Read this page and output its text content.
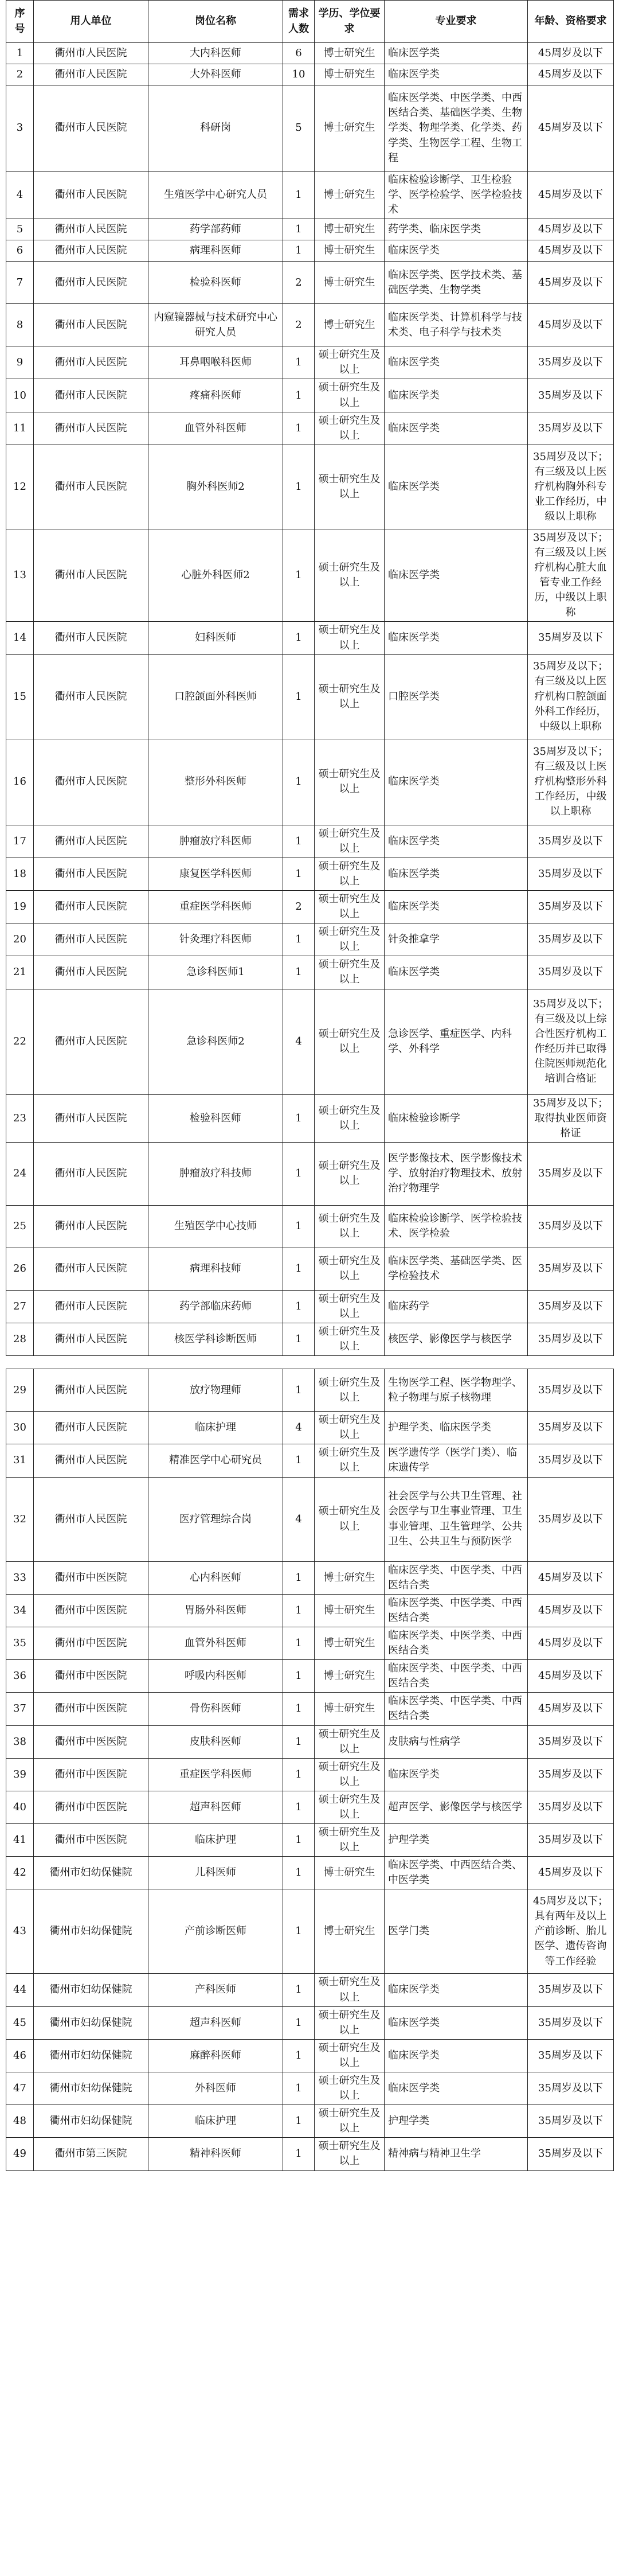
序号	用人单位	岗位名称	需求人数	学历、学位要求	专业要求	年龄、资格要求
1	衢州市人民医院	大内科医师	6	博士研究生	临床医学类	45周岁及以下
2	衢州市人民医院	大外科医师	10	博士研究生	临床医学类	45周岁及以下
3	衢州市人民医院	科研岗	5	博士研究生	临床医学类、中医学类、中西医结合类、基础医学类、生物学类、物理学类、化学类、药学类、生物医学工程、生物工程	45周岁及以下
4	衢州市人民医院	生殖医学中心研究人员	1	博士研究生	临床检验诊断学、卫生检验学、医学检验学、医学检验技术	45周岁及以下
5	衢州市人民医院	药学部药师	1	博士研究生	药学类、临床医学类	45周岁及以下
6	衢州市人民医院	病理科医师	1	博士研究生	临床医学类	45周岁及以下
7	衢州市人民医院	检验科医师	2	博士研究生	临床医学类、医学技术类、基础医学类、生物学类	45周岁及以下
8	衢州市人民医院	内窥镜器械与技术研究中心研究人员	2	博士研究生	临床医学类、计算机科学与技术类、电子科学与技术类	45周岁及以下
9	衢州市人民医院	耳鼻咽喉科医师	1	硕士研究生及以上	临床医学类	35周岁及以下
10	衢州市人民医院	疼痛科医师	1	硕士研究生及以上	临床医学类	35周岁及以下
11	衢州市人民医院	血管外科医师	1	硕士研究生及以上	临床医学类	35周岁及以下
12	衢州市人民医院	胸外科医师2	1	硕士研究生及以上	临床医学类	35周岁及以下；有三级及以上医疗机构胸外科专业工作经历，中级以上职称
13	衢州市人民医院	心脏外科医师2	1	硕士研究生及以上	临床医学类	35周岁及以下；有三级及以上医疗机构心脏大血管专业工作经历，中级以上职称
14	衢州市人民医院	妇科医师	1	硕士研究生及以上	临床医学类	35周岁及以下
15	衢州市人民医院	口腔颌面外科医师	1	硕士研究生及以上	口腔医学类	35周岁及以下；有三级及以上医疗机构口腔颌面外科工作经历，中级以上职称
16	衢州市人民医院	整形外科医师	1	硕士研究生及以上	临床医学类	35周岁及以下；有三级及以上医疗机构整形外科工作经历，中级以上职称
17	衢州市人民医院	肿瘤放疗科医师	1	硕士研究生及以上	临床医学类	35周岁及以下
18	衢州市人民医院	康复医学科医师	1	硕士研究生及以上	临床医学类	35周岁及以下
19	衢州市人民医院	重症医学科医师	2	硕士研究生及以上	临床医学类	35周岁及以下
20	衢州市人民医院	针灸理疗科医师	1	硕士研究生及以上	针灸推拿学	35周岁及以下
21	衢州市人民医院	急诊科医师1	1	硕士研究生及以上	临床医学类	35周岁及以下
22	衢州市人民医院	急诊科医师2	4	硕士研究生及以上	急诊医学、重症医学、内科学、外科学	35周岁及以下；有三级及以上综合性医疗机构工作经历并已取得住院医师规范化培训合格证
23	衢州市人民医院	检验科医师	1	硕士研究生及以上	临床检验诊断学	35周岁及以下；取得执业医师资格证
24	衢州市人民医院	肿瘤放疗科技师	1	硕士研究生及以上	医学影像技术、医学影像技术学、放射治疗物理技术、放射治疗物理学	35周岁及以下
25	衢州市人民医院	生殖医学中心技师	1	硕士研究生及以上	临床检验诊断学、医学检验技术、医学检验	35周岁及以下
26	衢州市人民医院	病理科技师	1	硕士研究生及以上	临床医学类、基础医学类、医学检验技术	35周岁及以下
27	衢州市人民医院	药学部临床药师	1	硕士研究生及以上	临床药学	35周岁及以下
28	衢州市人民医院	核医学科诊断医师	1	硕士研究生及以上	核医学、影像医学与核医学	35周岁及以下
29	衢州市人民医院	放疗物理师	1	硕士研究生及以上	生物医学工程、医学物理学、粒子物理与原子核物理	35周岁及以下
30	衢州市人民医院	临床护理	4	硕士研究生及以上	护理学类、临床医学类	35周岁及以下
31	衢州市人民医院	精准医学中心研究员	1	硕士研究生及以上	医学遗传学（医学门类）、临床遗传学	35周岁及以下
32	衢州市人民医院	医疗管理综合岗	4	硕士研究生及以上	社会医学与公共卫生管理、社会医学与卫生事业管理、卫生事业管理、卫生管理学、公共卫生、公共卫生与预防医学	35周岁及以下
33	衢州市中医医院	心内科医师	1	博士研究生	临床医学类、中医学类、中西医结合类	45周岁及以下
34	衢州市中医医院	胃肠外科医师	1	博士研究生	临床医学类、中医学类、中西医结合类	45周岁及以下
35	衢州市中医医院	血管外科医师	1	博士研究生	临床医学类、中医学类、中西医结合类	45周岁及以下
36	衢州市中医医院	呼吸内科医师	1	博士研究生	临床医学类、中医学类、中西医结合类	45周岁及以下
37	衢州市中医医院	骨伤科医师	1	博士研究生	临床医学类、中医学类、中西医结合类	45周岁及以下
38	衢州市中医医院	皮肤科医师	1	硕士研究生及以上	皮肤病与性病学	35周岁及以下
39	衢州市中医医院	重症医学科医师	1	硕士研究生及以上	临床医学类	35周岁及以下
40	衢州市中医医院	超声科医师	1	硕士研究生及以上	超声医学、影像医学与核医学	35周岁及以下
41	衢州市中医医院	临床护理	1	硕士研究生及以上	护理学类	35周岁及以下
42	衢州市妇幼保健院	儿科医师	1	博士研究生	临床医学类、中西医结合类、中医学类	45周岁及以下
43	衢州市妇幼保健院	产前诊断医师	1	博士研究生	医学门类	45周岁及以下；具有两年及以上产前诊断、胎儿医学、遗传咨询等工作经验
44	衢州市妇幼保健院	产科医师	1	硕士研究生及以上	临床医学类	35周岁及以下
45	衢州市妇幼保健院	超声科医师	1	硕士研究生及以上	临床医学类	35周岁及以下
46	衢州市妇幼保健院	麻醉科医师	1	硕士研究生及以上	临床医学类	35周岁及以下
47	衢州市妇幼保健院	外科医师	1	硕士研究生及以上	临床医学类	35周岁及以下
48	衢州市妇幼保健院	临床护理	1	硕士研究生及以上	护理学类	35周岁及以下
49	衢州市第三医院	精神科医师	1	硕士研究生及以上	精神病与精神卫生学	35周岁及以下
